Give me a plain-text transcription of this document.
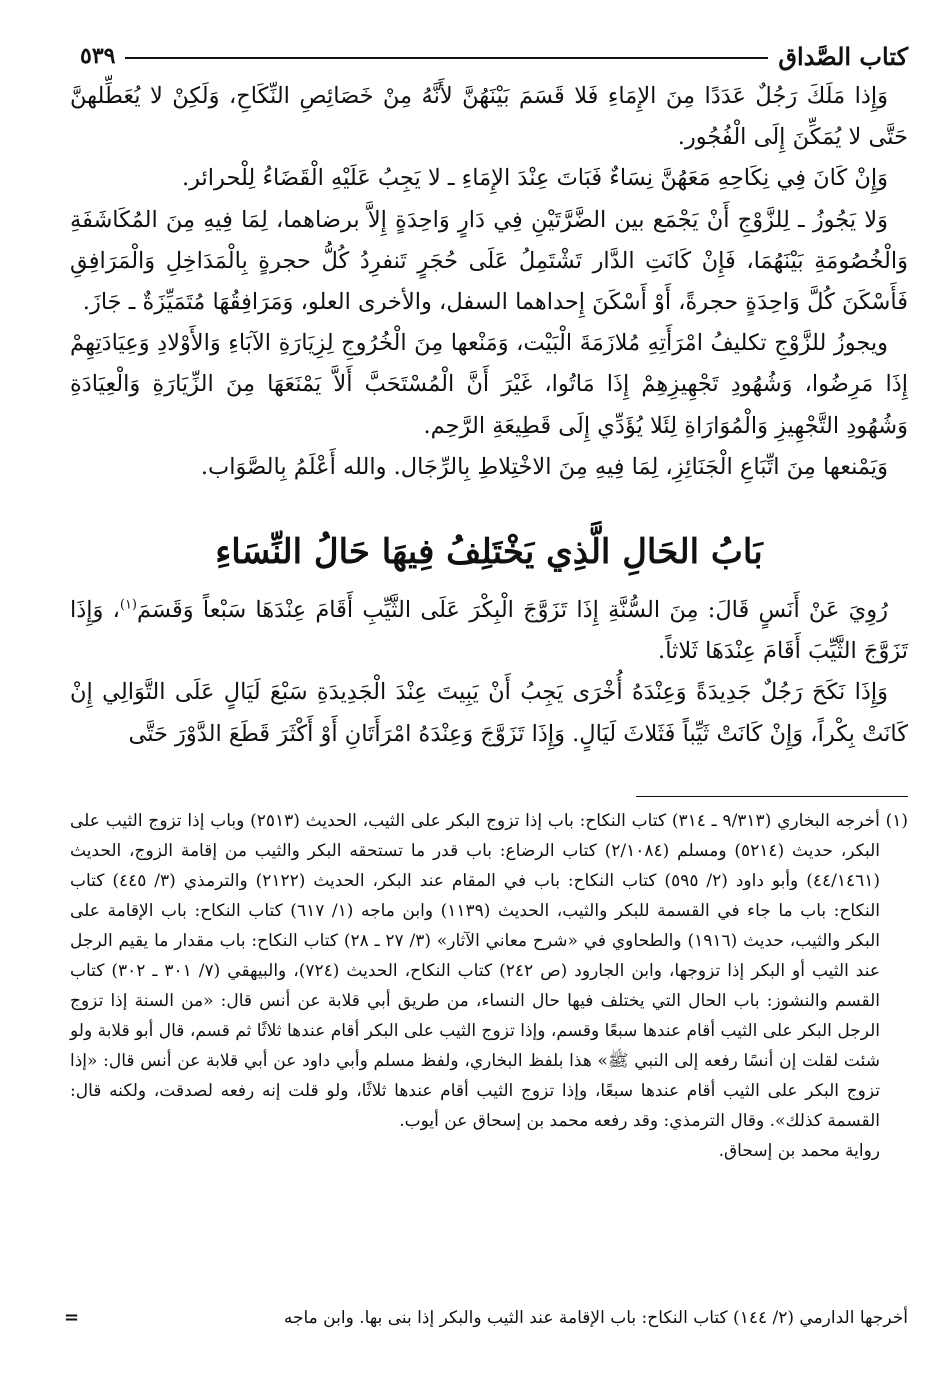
كتاب الصَّداق
٥٣٩

وَإِذا مَلَكَ رَجُلٌ عَدَدًا مِنَ الإِمَاءِ فَلا قَسَمَ بَيْنَهُنَّ لأَنَّهُ مِنْ خَصَائِصِ النِّكَاحِ، وَلَكِنْ لا يُعَطِّلهنَّ حَتَّى لا يُمَكِّنَ إِلَى الْفُجُور.

وَإِنْ كَانَ فِي نِكَاحِهِ مَعَهُنَّ نِسَاءٌ فَبَاتَ عِنْدَ الإِمَاءِ ـ لا يَجِبُ عَلَيْهِ الْقَضَاءُ لِلْحرائر.

وَلا يَجُوزُ ـ لِلزَّوْجِ أَنْ يَجْمَع بين الضَّرَّتَيْنِ فِي دَارٍ وَاحِدَةٍ إِلاَّ برضاهما، لِمَا فِيهِ مِنَ المُكَاشَفَةِ وَالْخُصُومَةِ بَيْنَهُمَا، فَإِنْ كَانَتِ الدَّار تَشْتَمِلُ عَلَى حُجَرٍ تَنفرِدُ كُلُّ حجرةٍ بِالْمَدَاخِلِ وَالْمَرَافِقِ فَأَسْكَنَ كُلَّ وَاحِدَةٍ حجرةً، أَوْ أَسْكَنَ إِحداهما السفل، والأخرى العلو، وَمَرَافِقُهَا مُتَمَيِّزَةٌ ـ جَازَ.

ويجوزُ للزَّوْجِ تكليفُ امْرَأَتِهِ مُلازَمَةَ الْبَيْت، وَمَنْعها مِنَ الْخُرُوجِ لِزِيَارَةِ الآبَاءِ وَالأَوْلادِ وَعِيَادَتِهِمْ إِذَا مَرِضُوا، وَشُهُودِ تَجْهِيزِهِمْ إِذَا مَاتُوا، غَيْرَ أَنَّ الْمُسْتَحَبَّ أَلاَّ يَمْنَعَهَا مِنَ الزِّيَارَةِ وَالْعِيَادَةِ وَشُهُودِ التَّجْهِيزِ وَالْمُوَارَاةِ لِئَلا يُؤَدِّي إِلَى قَطِيعَةِ الرَّحِم.

وَيَمْنعها مِنَ اتِّبَاعِ الْجَنَائِزِ، لِمَا فِيهِ مِنَ الاخْتِلاطِ بِالرِّجَال. والله أَعْلَمُ بِالصَّوَاب.

بَابُ الحَالِ الَّذِي يَخْتَلِفُ فِيهَا حَالُ النِّسَاءِ

رُوِيَ عَنْ أَنَسٍ قَالَ: مِنَ السُّنَّةِ إِذَا تَزَوَّجَ الْبِكْرَ عَلَى الثَّيِّبِ أَقَامَ عِنْدَهَا سَبْعاً وَقَسَمَ$^{(١)}$، وَإِذَا تَزَوَّجَ الثَّيِّبَ أَقَامَ عِنْدَهَا ثَلاثاً.

وَإِذَا نَكَحَ رَجُلٌ جَدِيدَةً وَعِنْدَهُ أُخْرَى يَجِبُ أَنْ يَبِيتَ عِنْدَ الْجَدِيدَةِ سَبْعَ لَيَالٍ عَلَى التَّوَالِي إِنْ كَانَتْ بِكْراً، وَإِنْ كَانَتْ ثَيِّباً فَثَلاثَ لَيَالٍ. وَإِذَا تَزَوَّجَ وَعِنْدَهُ امْرَأَتَانِ أَوْ أَكْثَرَ قَطَعَ الدَّوْرَ حَتَّى

(١) أخرجه البخاري (٩/٣١٣ ـ ٣١٤) كتاب النكاح: باب إذا تزوج البكر على الثيب، الحديث (٢٥١٣) وباب إذا تزوج الثيب على البكر، حديث (٥٢١٤) ومسلم (٢/١٠٨٤) كتاب الرضاع: باب قدر ما تستحقه البكر والثيب من إقامة الزوج، الحديث (٤٤/١٤٦١) وأبو داود (٢/ ٥٩٥) كتاب النكاح: باب في المقام عند البكر، الحديث (٢١٢٢) والترمذي (٣/ ٤٤٥) كتاب النكاح: باب ما جاء في القسمة للبكر والثيب، الحديث (١١٣٩) وابن ماجه (١/ ٦١٧) كتاب النكاح: باب الإقامة على البكر والثيب، حديث (١٩١٦) والطحاوي في «شرح معاني الآثار» (٣/ ٢٧ ـ ٢٨) كتاب النكاح: باب مقدار ما يقيم الرجل عند الثيب أو البكر إذا تزوجها، وابن الجارود (ص ٢٤٢) كتاب النكاح، الحديث (٧٢٤)، والبيهقي (٧/ ٣٠١ ـ ٣٠٢) كتاب القسم والنشوز: باب الحال التي يختلف فيها حال النساء، من طريق أبي قلابة عن أنس قال: «من السنة إذا تزوج الرجل البكر على الثيب أقام عندها سبعًا وقسم، وإذا تزوج الثيب على البكر أقام عندها ثلاثًا ثم قسم، قال أبو قلابة ولو شئت لقلت إن أنسًا رفعه إلى النبي ﷺ» هذا بلفظ البخاري، ولفظ مسلم وأبي داود عن أبي قلابة عن أنس قال: «إذا تزوج البكر على الثيب أقام عندها سبعًا، وإذا تزوج الثيب أقام عندها ثلاثًا، ولو قلت إنه رفعه لصدقت، ولكنه قال: القسمة كذلك». وقال الترمذي: وقد رفعه محمد بن إسحاق عن أيوب.

رواية محمد بن إسحاق.

أخرجها الدارمي (٢/ ١٤٤) كتاب النكاح: باب الإقامة عند الثيب والبكر إذا بنى بها. وابن ماجه
=
